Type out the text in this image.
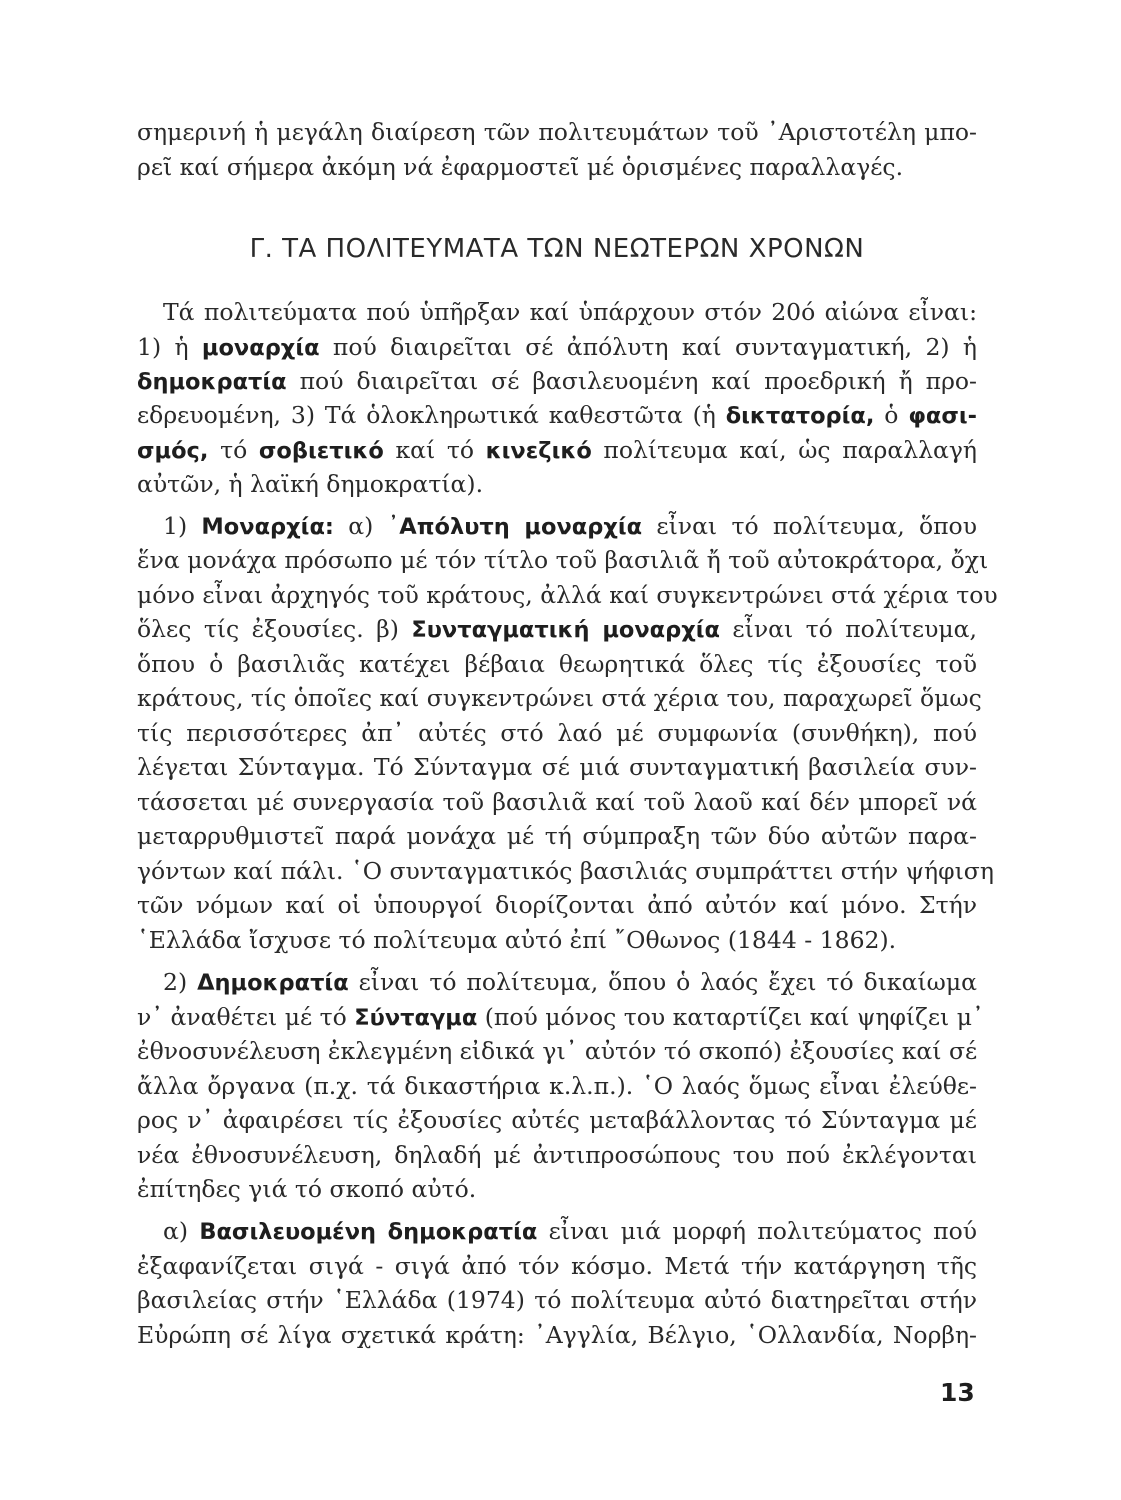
σημερινή ἡ μεγάλη διαίρεση τῶν πολιτευμάτων τοῦ ᾿Αριστοτέλη μπο-
ρεῖ καί σήμερα ἀκόμη νά ἐφαρμοστεῖ μέ ὁρισμένες παραλλαγές.
Γ. ΤΑ ΠΟΛΙΤΕΥΜΑΤΑ ΤΩΝ ΝΕΩΤΕΡΩΝ ΧΡΟΝΩΝ
Τά πολιτεύματα πού ὑπῆρξαν καί ὑπάρχουν στόν 20ό αἰώνα εἶναι:
1) ἡ μοναρχία πού διαιρεῖται σέ ἀπόλυτη καί συνταγματική, 2) ἡ
δημοκρατία πού διαιρεῖται σέ βασιλευομένη καί προεδρική ἤ προ-
εδρευομένη, 3) Τά ὁλοκληρωτικά καθεστῶτα (ἡ δικτατορία, ὁ φασι-
σμός, τό σοβιετικό καί τό κινεζικό πολίτευμα καί, ὡς παραλλαγή
αὐτῶν, ἡ λαϊκή δημοκρατία).
1) Μοναρχία: α) ᾿Απόλυτη μοναρχία εἶναι τό πολίτευμα, ὅπου
ἕνα μονάχα πρόσωπο μέ τόν τίτλο τοῦ βασιλιᾶ ἤ τοῦ αὐτοκράτορα, ὄχι
μόνο εἶναι ἀρχηγός τοῦ κράτους, ἀλλά καί συγκεντρώνει στά χέρια του
ὅλες τίς ἐξουσίες. β) Συνταγματική μοναρχία εἶναι τό πολίτευμα,
ὅπου ὁ βασιλιᾶς κατέχει βέβαια θεωρητικά ὅλες τίς ἐξουσίες τοῦ
κράτους, τίς ὁποῖες καί συγκεντρώνει στά χέρια του, παραχωρεῖ ὅμως
τίς περισσότερες ἀπ᾿ αὐτές στό λαό μέ συμφωνία (συνθήκη), πού
λέγεται Σύνταγμα. Τό Σύνταγμα σέ μιά συνταγματική βασιλεία συν-
τάσσεται μέ συνεργασία τοῦ βασιλιᾶ καί τοῦ λαοῦ καί δέν μπορεῖ νά
μεταρρυθμιστεῖ παρά μονάχα μέ τή σύμπραξη τῶν δύο αὐτῶν παρα-
γόντων καί πάλι. ῾Ο συνταγματικός βασιλιάς συμπράττει στήν ψήφιση
τῶν νόμων καί οἱ ὑπουργοί διορίζονται ἀπό αὐτόν καί μόνο. Στήν
῾Ελλάδα ἴσχυσε τό πολίτευμα αὐτό ἐπί ῎Οθωνος (1844 - 1862).
2) Δημοκρατία εἶναι τό πολίτευμα, ὅπου ὁ λαός ἔχει τό δικαίωμα
ν᾿ ἀναθέτει μέ τό Σύνταγμα (πού μόνος του καταρτίζει καί ψηφίζει μ᾿
ἐθνοσυνέλευση ἐκλεγμένη εἰδικά γι᾿ αὐτόν τό σκοπό) ἐξουσίες καί σέ
ἄλλα ὄργανα (π.χ. τά δικαστήρια κ.λ.π.). ῾Ο λαός ὅμως εἶναι ἐλεύθε-
ρος ν᾿ ἀφαιρέσει τίς ἐξουσίες αὐτές μεταβάλλοντας τό Σύνταγμα μέ
νέα ἐθνοσυνέλευση, δηλαδή μέ ἀντιπροσώπους του πού ἐκλέγονται
ἐπίτηδες γιά τό σκοπό αὐτό.
α) Βασιλευομένη δημοκρατία εἶναι μιά μορφή πολιτεύματος πού
ἐξαφανίζεται σιγά - σιγά ἀπό τόν κόσμο. Μετά τήν κατάργηση τῆς
βασιλείας στήν ῾Ελλάδα (1974) τό πολίτευμα αὐτό διατηρεῖται στήν
Εὐρώπη σέ λίγα σχετικά κράτη: ᾿Αγγλία, Βέλγιο, ῾Ολλανδία, Νορβη-
13
